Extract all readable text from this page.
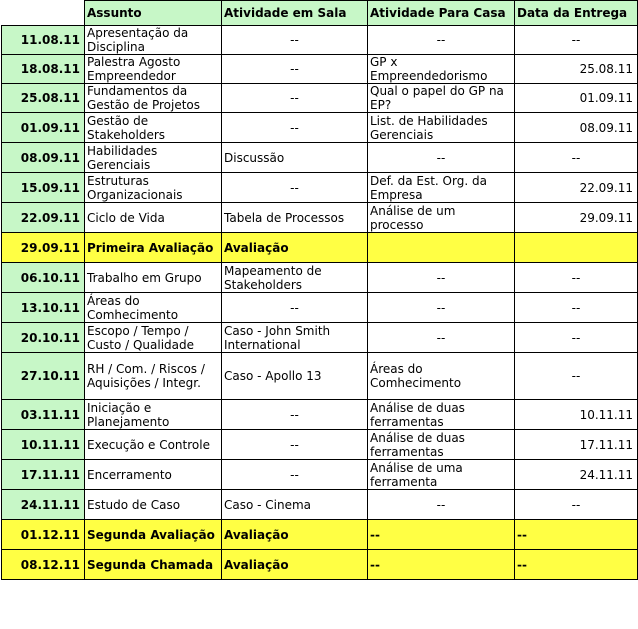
	Assunto	Atividade em Sala	Atividade Para Casa	Data da Entrega
11.08.11	Apresentação da Disciplina	--	--	--
18.08.11	Palestra Agosto Empreendedor	--	GP x Empreendedorismo	25.08.11
25.08.11	Fundamentos da Gestão de Projetos	--	Qual o papel do GP na EP?	01.09.11
01.09.11	Gestão de Stakeholders	--	List. de Habilidades Gerenciais	08.09.11
08.09.11	Habilidades Gerenciais	Discussão	--	--
15.09.11	Estruturas Organizacionais	--	Def. da Est. Org. da Empresa	22.09.11
22.09.11	Ciclo de Vida	Tabela de Processos	Análise de um processo	29.09.11
29.09.11	Primeira Avaliação	Avaliação		
06.10.11	Trabalho em Grupo	Mapeamento de Stakeholders	--	--
13.10.11	Áreas do Comhecimento	--	--	--
20.10.11	Escopo / Tempo / Custo / Qualidade	Caso - John Smith International	--	--
27.10.11	RH / Com. / Riscos / Aquisições / Integr.	Caso - Apollo 13	Áreas do Comhecimento	--
03.11.11	Iniciação e Planejamento	--	Análise de duas ferramentas	10.11.11
10.11.11	Execução e Controle	--	Análise de duas ferramentas	17.11.11
17.11.11	Encerramento	--	Análise de uma ferramenta	24.11.11
24.11.11	Estudo de Caso	Caso - Cinema	--	--
01.12.11	Segunda Avaliação	Avaliação	--	--
08.12.11	Segunda Chamada	Avaliação	--	--
